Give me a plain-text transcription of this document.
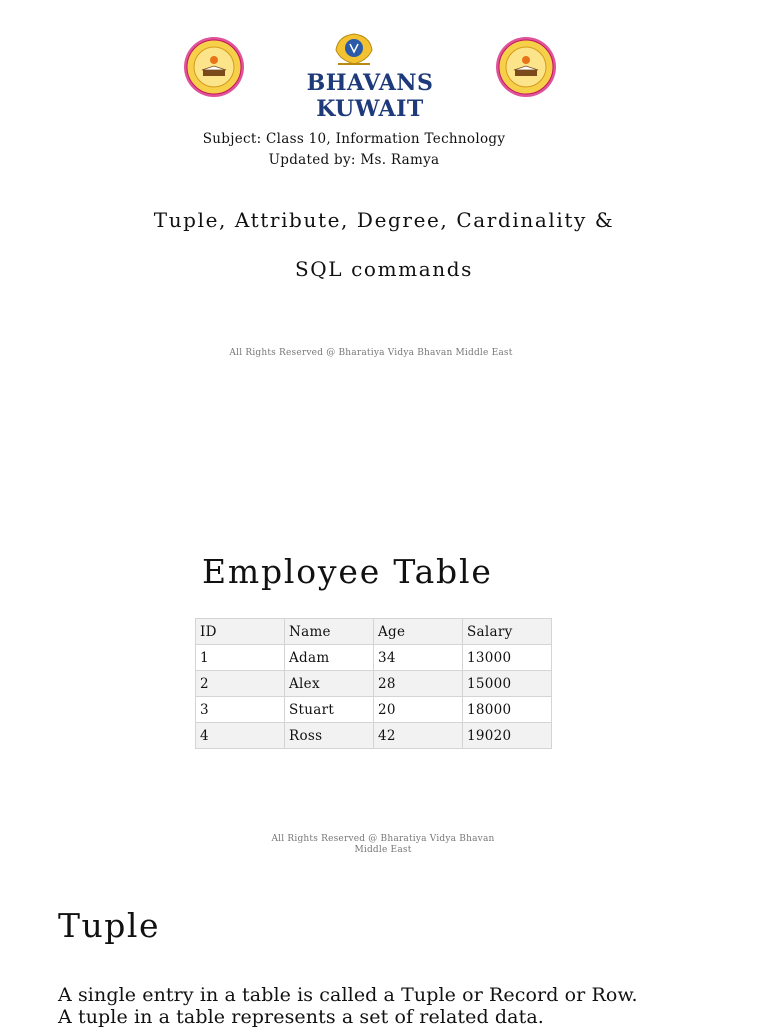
BHAVANS KUWAIT
Subject: Class 10, Information Technology
Updated by: Ms. Ramya
Tuple, Attribute, Degree, Cardinality &
SQL commands
All Rights Reserved @ Bharatiya Vidya Bhavan Middle East
Employee Table
ID	Name	Age	Salary
1	Adam	34	13000
2	Alex	28	15000
3	Stuart	20	18000
4	Ross	42	19020
All Rights Reserved @ Bharatiya Vidya Bhavan
Middle East
Tuple
A single entry in a table is called a Tuple or Record or Row.
A tuple in a table represents a set of related data.
